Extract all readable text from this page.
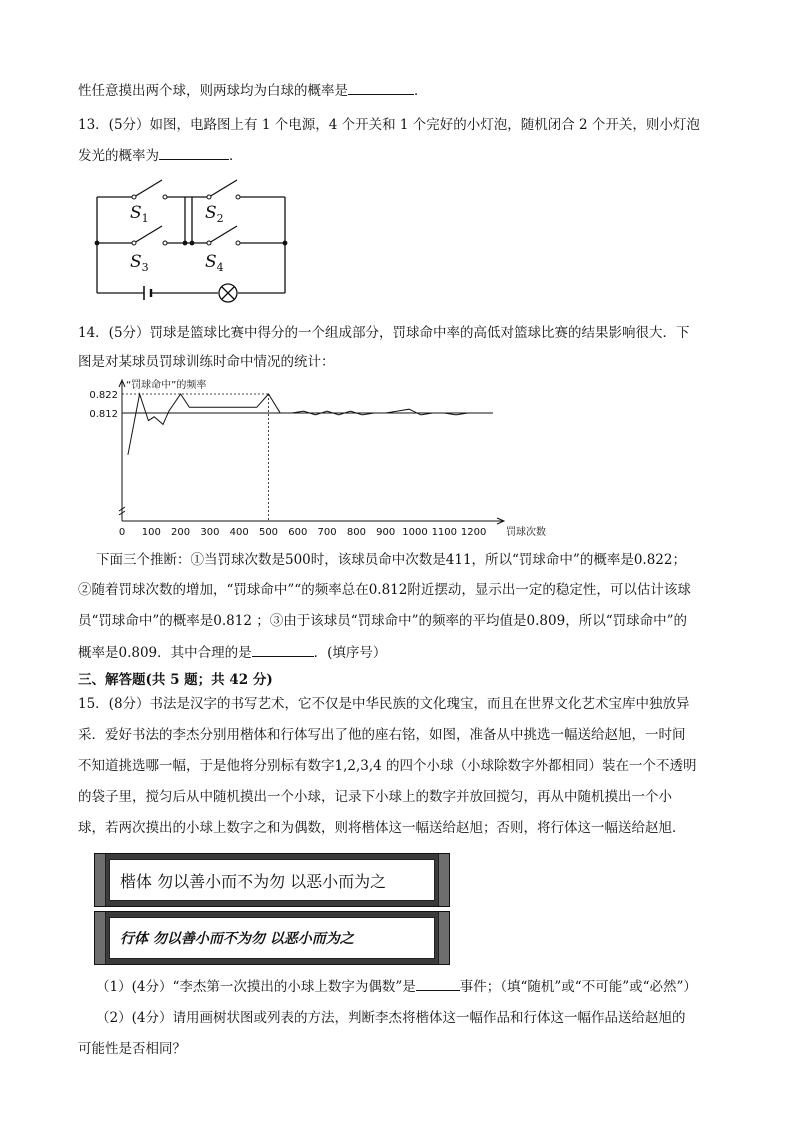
性任意摸出两个球，则两球均为白球的概率是	．
13．(5分）如图，电路图上有 1 个电源，4 个开关和 1 个完好的小灯泡，随机闭合 2 个开关，则小灯泡
发光的概率为	．
$S_1$	$S_2$
$S_3$	$S_4$
14．(5分）罚球是篮球比赛中得分的一个组成部分，罚球命中率的高低对篮球比赛的结果影响很大．下
图是对某球员罚球训练时命中情况的统计：
“罚球命中”的频率
罚球次数
0.812
0.822
0 100 200 300 400 500 600 700 800 900 1000 1100 1200
下面三个推断：①当罚球次数是500时，该球员命中次数是411，所以“罚球命中”的概率是0.822；
②随着罚球次数的增加，“罚球命中”“的频率总在0.812附近摆动，显示出一定的稳定性，可以估计该球
员“罚球命中”的概率是0.812 ；③由于该球员“罚球命中”的频率的平均值是0.809，所以“罚球命中”的
概率是0.809．其中合理的是	．(填序号）
三、解答题(共 5 题；共 42 分)
15．(8分）书法是汉字的书写艺术，它不仅是中华民族的文化瑰宝，而且在世界文化艺术宝库中独放异
采．爱好书法的李杰分别用楷体和行体写出了他的座右铭，如图，准备从中挑选一幅送给赵旭，一时间
不知道挑选哪一幅，于是他将分别标有数字1,2,3,4 的四个小球（小球除数字外都相同）装在一个不透明
的袋子里，搅匀后从中随机摸出一个小球，记录下小球上的数字并放回搅匀，再从中随机摸出一个小
球，若两次摸出的小球上数字之和为偶数，则将楷体这一幅送给赵旭；否则，将行体这一幅送给赵旭．
楷体 勿以善小而不为勿 以恶小而为之
行体 勿以善小而不为勿 以恶小而为之
（1）(4分）“李杰第一次摸出的小球上数字为偶数”是	事件；（填“随机”或“不可能”或“必然”）
（2）(4分）请用画树状图或列表的方法，判断李杰将楷体这一幅作品和行体这一幅作品送给赵旭的
可能性是否相同？
